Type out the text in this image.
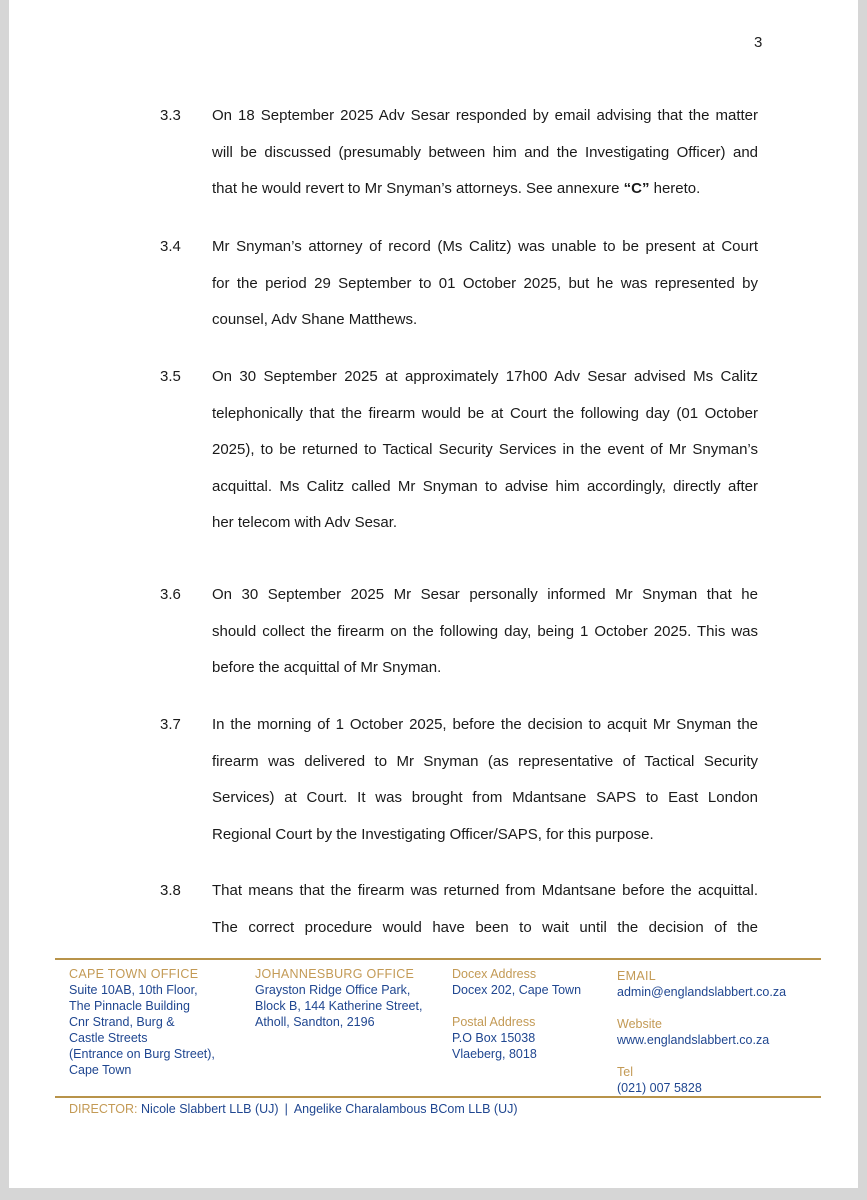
3
3.3 On 18 September 2025 Adv Sesar responded by email advising that the matter
will be discussed (presumably between him and the Investigating Officer) and
that he would revert to Mr Snyman’s attorneys. See annexure “C” hereto.
3.4 Mr Snyman’s attorney of record (Ms Calitz) was unable to be present at Court
for the period 29 September to 01 October 2025, but he was represented by
counsel, Adv Shane Matthews.
3.5 On 30 September 2025 at approximately 17h00 Adv Sesar advised Ms Calitz
telephonically that the firearm would be at Court the following day (01 October
2025), to be returned to Tactical Security Services in the event of Mr Snyman’s
acquittal. Ms Calitz called Mr Snyman to advise him accordingly, directly after
her telecom with Adv Sesar.
3.6 On 30 September 2025 Mr Sesar personally informed Mr Snyman that he
should collect the firearm on the following day, being 1 October 2025. This was
before the acquittal of Mr Snyman.
3.7 In the morning of 1 October 2025, before the decision to acquit Mr Snyman the
firearm was delivered to Mr Snyman (as representative of Tactical Security
Services) at Court. It was brought from Mdantsane SAPS to East London
Regional Court by the Investigating Officer/SAPS, for this purpose.
3.8 That means that the firearm was returned from Mdantsane before the acquittal.
The correct procedure would have been to wait until the decision of the
CAPE TOWN OFFICE
Suite 10AB, 10th Floor,
The Pinnacle Building
Cnr Strand, Burg &
Castle Streets
(Entrance on Burg Street),
Cape Town
JOHANNESBURG OFFICE
Grayston Ridge Office Park,
Block B, 144 Katherine Street,
Atholl, Sandton, 2196
Docex Address
Docex 202, Cape Town
Postal Address
P.O Box 15038
Vlaeberg, 8018
EMAIL
admin@englandslabbert.co.za
Website
www.englandslabbert.co.za
Tel
(021) 007 5828
DIRECTOR: Nicole Slabbert LLB (UJ) | Angelike Charalambous BCom LLB (UJ)
